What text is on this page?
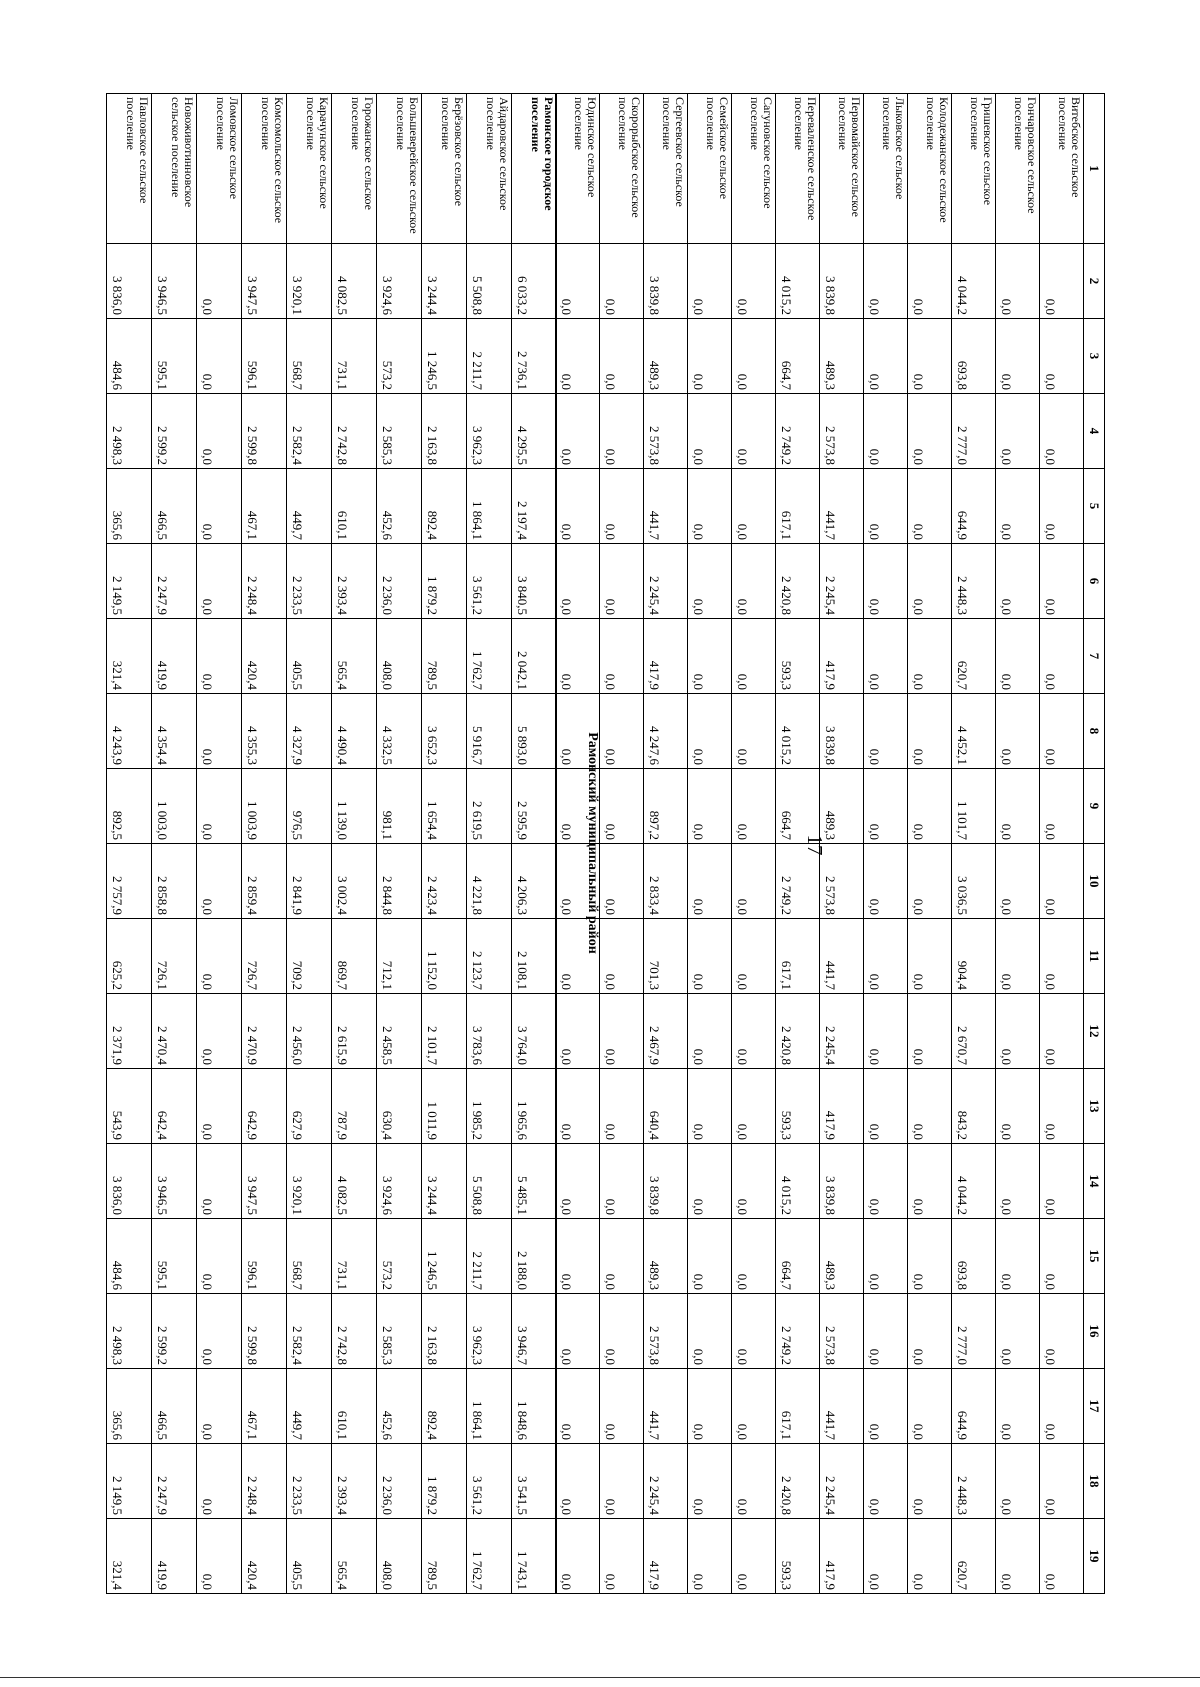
17
1	2	3	4	5	6	7	8	9	10	11	12	13	14	15	16	17	18	19
Витебское сельское поселение	0,0	0,0	0,0	0,0	0,0	0,0	0,0	0,0	0,0	0,0	0,0	0,0	0,0	0,0	0,0	0,0	0,0	0,0
Гончаровское сельское поселение	0,0	0,0	0,0	0,0	0,0	0,0	0,0	0,0	0,0	0,0	0,0	0,0	0,0	0,0	0,0	0,0	0,0	0,0
Гришевское сельское поселение	4 044,2	693,8	2 777,0	644,9	2 448,3	620,7	4 452,1	1 101,7	3 036,5	904,4	2 670,7	843,2	4 044,2	693,8	2 777,0	644,9	2 448,3	620,7
Колодежанское сельское поселение	0,0	0,0	0,0	0,0	0,0	0,0	0,0	0,0	0,0	0,0	0,0	0,0	0,0	0,0	0,0	0,0	0,0	0,0
Лыковское сельское поселение	0,0	0,0	0,0	0,0	0,0	0,0	0,0	0,0	0,0	0,0	0,0	0,0	0,0	0,0	0,0	0,0	0,0	0,0
Первомайское сельское поселение	3 839,8	489,3	2 573,8	441,7	2 245,4	417,9	3 839,8	489,3	2 573,8	441,7	2 245,4	417,9	3 839,8	489,3	2 573,8	441,7	2 245,4	417,9
Переваленское сельское поселение	4 015,2	664,7	2 749,2	617,1	2 420,8	593,3	4 015,2	664,7	2 749,2	617,1	2 420,8	593,3	4 015,2	664,7	2 749,2	617,1	2 420,8	593,3
Сагуновское сельское поселение	0,0	0,0	0,0	0,0	0,0	0,0	0,0	0,0	0,0	0,0	0,0	0,0	0,0	0,0	0,0	0,0	0,0	0,0
Семейское сельское поселение	0,0	0,0	0,0	0,0	0,0	0,0	0,0	0,0	0,0	0,0	0,0	0,0	0,0	0,0	0,0	0,0	0,0	0,0
Сергеевское сельское поселение	3 839,8	489,3	2 573,8	441,7	2 245,4	417,9	4 247,6	897,2	2 833,4	701,3	2 467,9	640,4	3 839,8	489,3	2 573,8	441,7	2 245,4	417,9
Скорорыбское сельское поселение	0,0	0,0	0,0	0,0	0,0	0,0	0,0	0,0	0,0	0,0	0,0	0,0	0,0	0,0	0,0	0,0	0,0	0,0
Юдинское сельское поселение	0,0	0,0	0,0	0,0	0,0	0,0	0,0	0,0	0,0	0,0	0,0	0,0	0,0	0,0	0,0	0,0	0,0	0,0
Рамонский муниципальный район
Рамонское городское поселение	6 033,2	2 736,1	4 295,5	2 197,4	3 840,5	2 042,1	5 893,0	2 595,9	4 206,3	2 108,1	3 764,0	1 965,6	5 485,1	2 188,0	3 946,7	1 848,6	3 541,5	1 743,1
Айдаровское сельское поселение	5 508,8	2 211,7	3 962,3	1 864,1	3 561,2	1 762,7	5 916,7	2 619,5	4 221,8	2 123,7	3 783,6	1 985,2	5 508,8	2 211,7	3 962,3	1 864,1	3 561,2	1 762,7
Берёзовское сельское поселение	3 244,4	1 246,5	2 163,8	892,4	1 879,2	789,5	3 652,3	1 654,4	2 423,4	1 152,0	2 101,7	1 011,9	3 244,4	1 246,5	2 163,8	892,4	1 879,2	789,5
Большеверейское сельское поселение	3 924,6	573,2	2 585,3	452,6	2 236,0	408,0	4 332,5	981,1	2 844,8	712,1	2 458,5	630,4	3 924,6	573,2	2 585,3	452,6	2 236,0	408,0
Горожанское сельское поселение	4 082,5	731,1	2 742,8	610,1	2 393,4	565,4	4 490,4	1 139,0	3 002,4	869,7	2 615,9	787,9	4 082,5	731,1	2 742,8	610,1	2 393,4	565,4
Карачунское сельское поселение	3 920,1	568,7	2 582,4	449,7	2 233,5	405,5	4 327,9	976,5	2 841,9	709,2	2 456,0	627,9	3 920,1	568,7	2 582,4	449,7	2 233,5	405,5
Комсомольское сельское поселение	3 947,5	596,1	2 599,8	467,1	2 248,4	420,4	4 355,3	1 003,9	2 859,4	726,7	2 470,9	642,9	3 947,5	596,1	2 599,8	467,1	2 248,4	420,4
Ломовское сельское поселение	0,0	0,0	0,0	0,0	0,0	0,0	0,0	0,0	0,0	0,0	0,0	0,0	0,0	0,0	0,0	0,0	0,0	0,0
Новоживотинновское сельское поселение	3 946,5	595,1	2 599,2	466,5	2 247,9	419,9	4 354,4	1 003,0	2 858,8	726,1	2 470,4	642,4	3 946,5	595,1	2 599,2	466,5	2 247,9	419,9
Павловское сельское поселение	3 836,0	484,6	2 498,3	365,6	2 149,5	321,4	4 243,9	892,5	2 757,9	625,2	2 371,9	543,9	3 836,0	484,6	2 498,3	365,6	2 149,5	321,4
